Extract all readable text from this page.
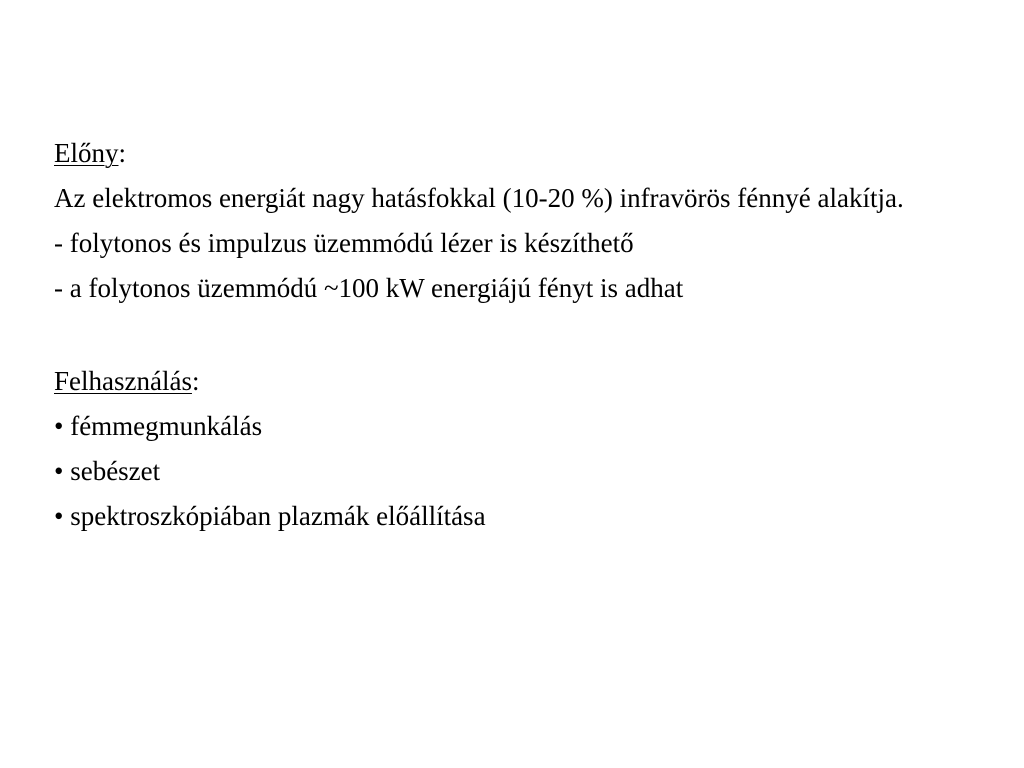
Előny:

Az elektromos energiát nagy hatásfokkal (10-20 %) infravörös fénnyé alakítja.

- folytonos és impulzus üzemmódú lézer is készíthető

- a folytonos üzemmódú ~100 kW energiájú fényt is adhat

Felhasználás:

• fémmegmunkálás

• sebészet

• spektroszkópiában plazmák előállítása
